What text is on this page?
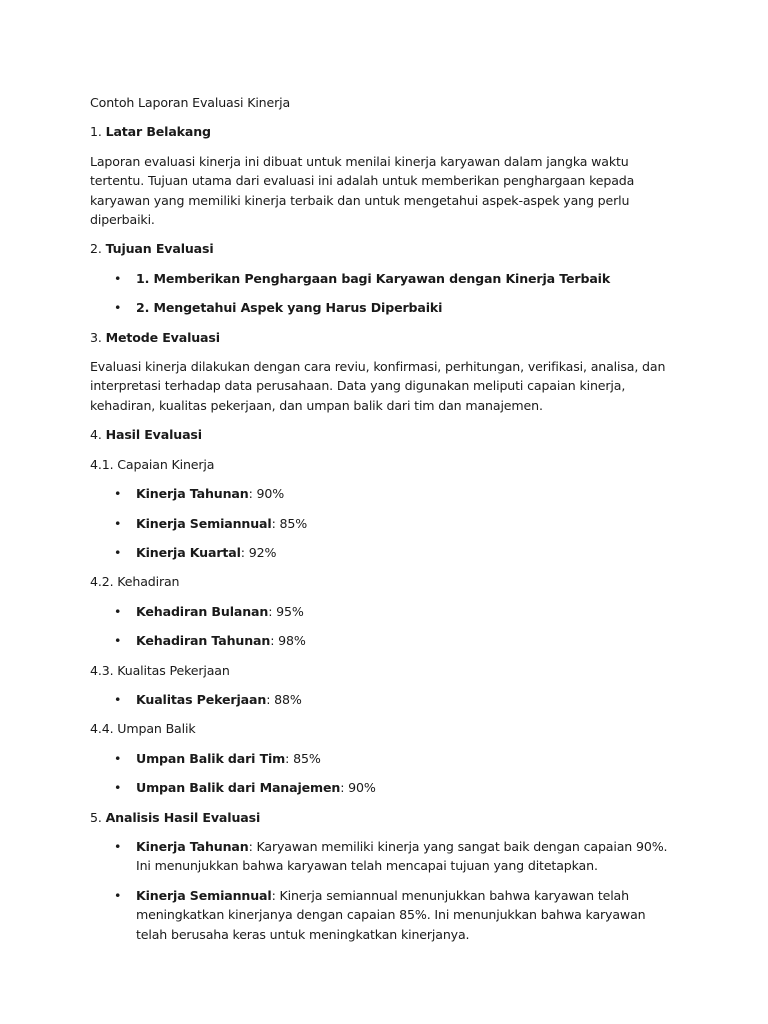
Contoh Laporan Evaluasi Kinerja

1. Latar Belakang

Laporan evaluasi kinerja ini dibuat untuk menilai kinerja karyawan dalam jangka waktu tertentu. Tujuan utama dari evaluasi ini adalah untuk memberikan penghargaan kepada karyawan yang memiliki kinerja terbaik dan untuk mengetahui aspek-aspek yang perlu diperbaiki.

2. Tujuan Evaluasi

• 1. Memberikan Penghargaan bagi Karyawan dengan Kinerja Terbaik
• 2. Mengetahui Aspek yang Harus Diperbaiki

3. Metode Evaluasi

Evaluasi kinerja dilakukan dengan cara reviu, konfirmasi, perhitungan, verifikasi, analisa, dan interpretasi terhadap data perusahaan. Data yang digunakan meliputi capaian kinerja, kehadiran, kualitas pekerjaan, dan umpan balik dari tim dan manajemen.

4. Hasil Evaluasi

4.1. Capaian Kinerja

• Kinerja Tahunan: 90%
• Kinerja Semiannual: 85%
• Kinerja Kuartal: 92%

4.2. Kehadiran

• Kehadiran Bulanan: 95%
• Kehadiran Tahunan: 98%

4.3. Kualitas Pekerjaan

• Kualitas Pekerjaan: 88%

4.4. Umpan Balik

• Umpan Balik dari Tim: 85%
• Umpan Balik dari Manajemen: 90%

5. Analisis Hasil Evaluasi

• Kinerja Tahunan: Karyawan memiliki kinerja yang sangat baik dengan capaian 90%. Ini menunjukkan bahwa karyawan telah mencapai tujuan yang ditetapkan.
• Kinerja Semiannual: Kinerja semiannual menunjukkan bahwa karyawan telah meningkatkan kinerjanya dengan capaian 85%. Ini menunjukkan bahwa karyawan telah berusaha keras untuk meningkatkan kinerjanya.
